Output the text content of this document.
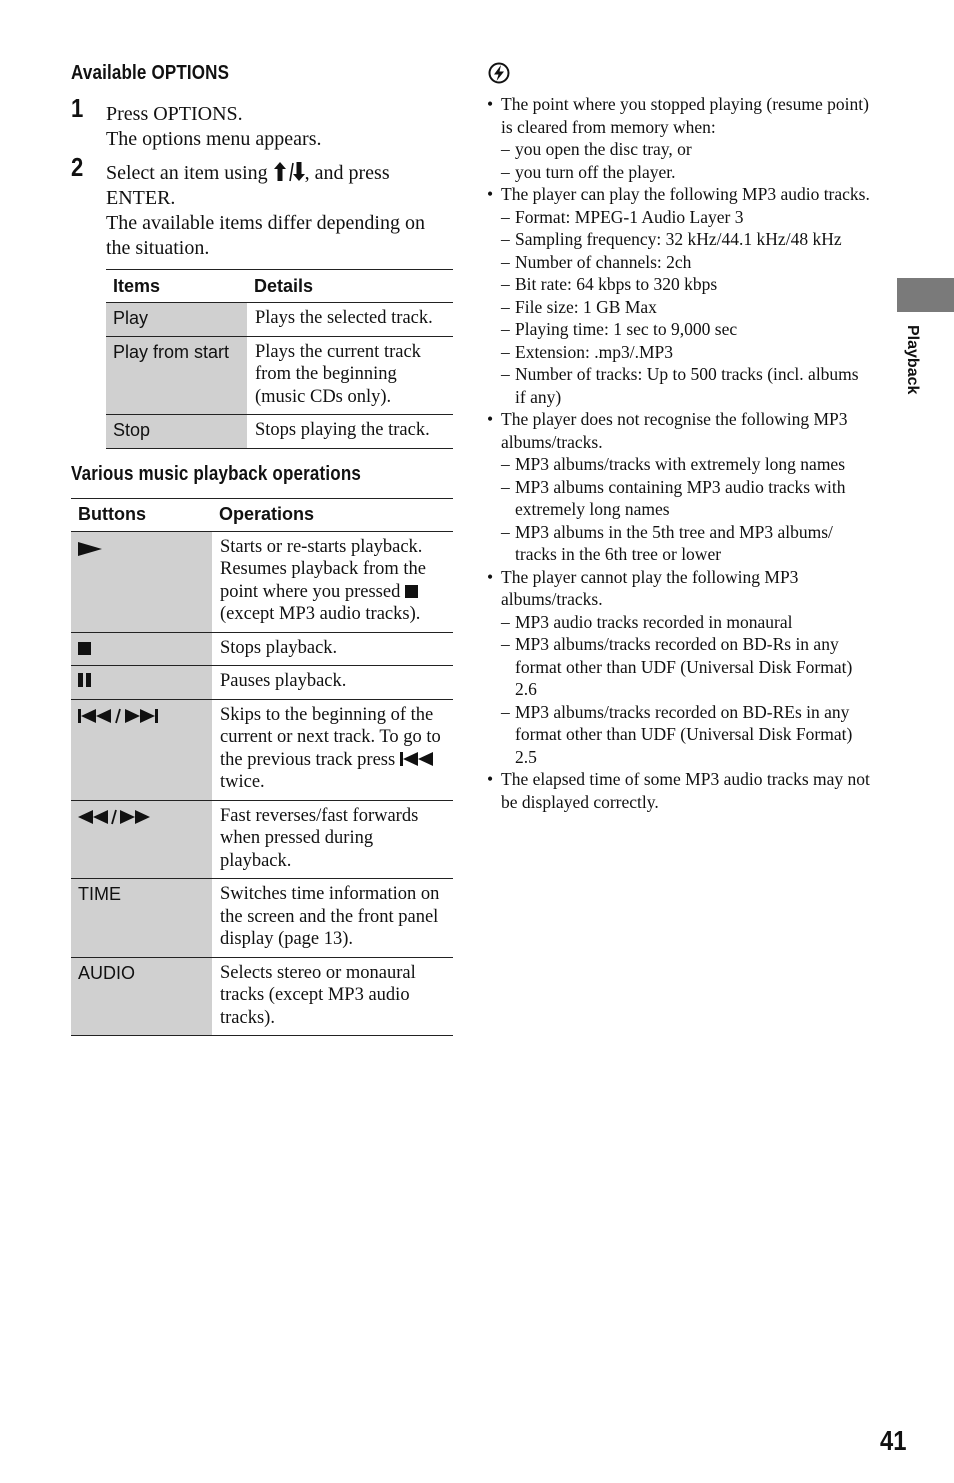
Available OPTIONS
1 Press OPTIONS.

The options menu appears.

2 Select an item using , and press ENTER.

The available items differ depending on the situation.

Items	Details
Play	Plays the selected track.
Play from start	Plays the current track from the beginning (music CDs only).
Stop	Stops playing the track.
Various music playback operations
Buttons	Operations
	Starts or re-starts playback. Resumes playback from the point where you pressed  (except MP3 audio tracks).
	Stops playback.

	Pauses playback.
	Skips to the beginning of the current or next track. To go to the previous track press  twice.
	Fast reverses/fast forwards when pressed during playback.
TIME	Switches time information on the screen and the front panel display (page 13).
AUDIO	Selects stereo or monaural tracks (except MP3 audio tracks).
• The point where you stopped playing (resume point) is cleared from memory when:
– you open the disc tray, or
– you turn off the player.
• The player can play the following MP3 audio tracks.
– Format: MPEG-1 Audio Layer 3
– Sampling frequency: 32 kHz/44.1 kHz/48 kHz
– Number of channels: 2ch
– Bit rate: 64 kbps to 320 kbps
– File size: 1 GB Max
– Playing time: 1 sec to 9,000 sec
– Extension: .mp3/.MP3
– Number of tracks: Up to 500 tracks (incl. albums if any)
• The player does not recognise the following MP3 albums/tracks.
– MP3 albums/tracks with extremely long names
– MP3 albums containing MP3 audio tracks with extremely long names
– MP3 albums in the 5th tree and MP3 albums/ tracks in the 6th tree or lower
• The player cannot play the following MP3 albums/tracks.
– MP3 audio tracks recorded in monaural
– MP3 albums/tracks recorded on BD-Rs in any format other than UDF (Universal Disk Format) 2.6
– MP3 albums/tracks recorded on BD-REs in any format other than UDF (Universal Disk Format) 2.5
• The elapsed time of some MP3 audio tracks may not be displayed correctly.
Playback
41
